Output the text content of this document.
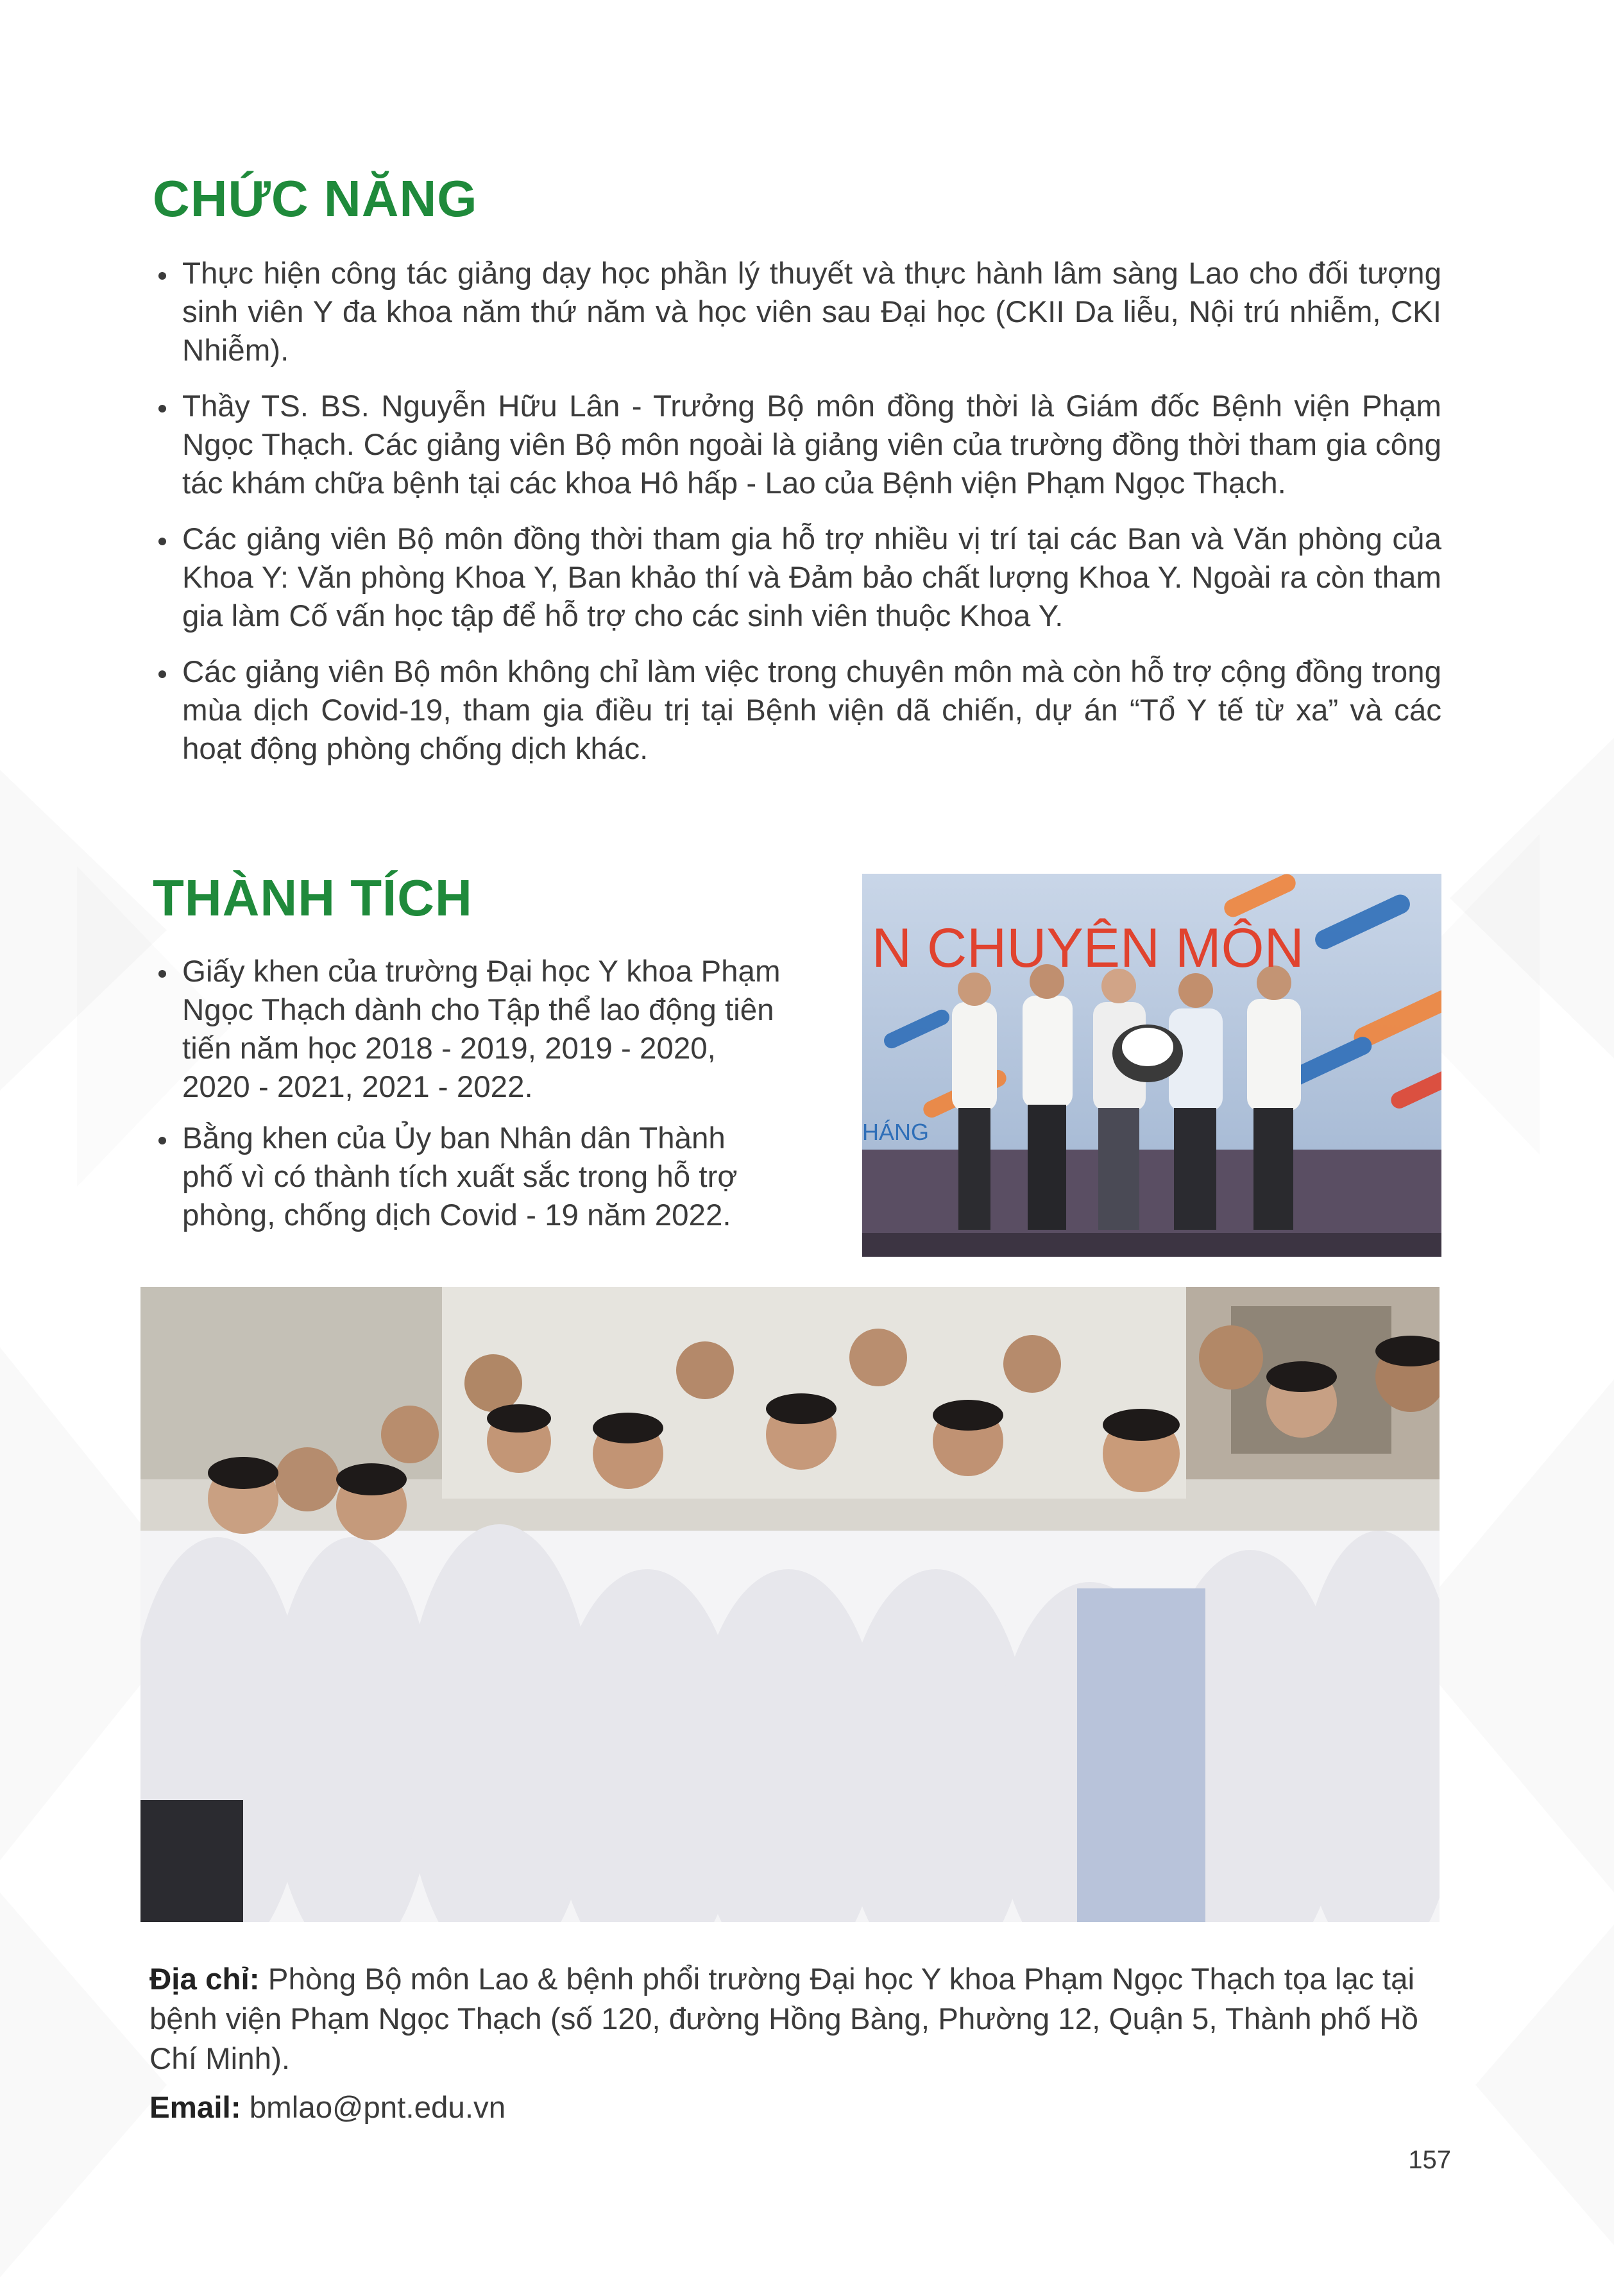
CHỨC NĂNG
Thực hiện công tác giảng dạy học phần lý thuyết và thực hành lâm sàng Lao cho đối tượng sinh viên Y đa khoa năm thứ năm và học viên sau Đại học (CKII Da liễu, Nội trú nhiễm, CKI Nhiễm).
Thầy TS. BS. Nguyễn Hữu Lân - Trưởng Bộ môn đồng thời là Giám đốc Bệnh viện Phạm Ngọc Thạch. Các giảng viên Bộ môn ngoài là giảng viên của trường đồng thời tham gia công tác khám chữa bệnh tại các khoa Hô hấp - Lao của Bệnh viện Phạm Ngọc Thạch.
Các giảng viên Bộ môn đồng thời tham gia hỗ trợ nhiều vị trí tại các Ban và Văn phòng của Khoa Y: Văn phòng Khoa Y, Ban khảo thí và Đảm bảo chất lượng Khoa Y. Ngoài ra còn tham gia làm Cố vấn học tập để hỗ trợ cho các sinh viên thuộc Khoa Y.
Các giảng viên Bộ môn không chỉ làm việc trong chuyên môn mà còn hỗ trợ cộng đồng trong mùa dịch Covid-19, tham gia điều trị tại Bệnh viện dã chiến, dự án “Tổ Y tế từ xa” và các hoạt động phòng chống dịch khác.
THÀNH TÍCH
Giấy khen của trường Đại học Y khoa Phạm Ngọc Thạch dành cho Tập thể lao động tiên tiến năm học 2018 - 2019, 2019 - 2020, 2020 - 2021, 2021 - 2022.
Bằng khen của Ủy ban Nhân dân Thành phố vì có thành tích xuất sắc trong hỗ trợ phòng, chống dịch Covid - 19 năm 2022.
N CHUYÊN MÔN
HÁNG
Địa chỉ: Phòng Bộ môn Lao & bệnh phổi trường Đại học Y khoa Phạm Ngọc Thạch tọa lạc tại bệnh viện Phạm Ngọc Thạch (số 120, đường Hồng Bàng, Phường 12, Quận 5, Thành phố Hồ Chí Minh).
Email: bmlao@pnt.edu.vn
157
